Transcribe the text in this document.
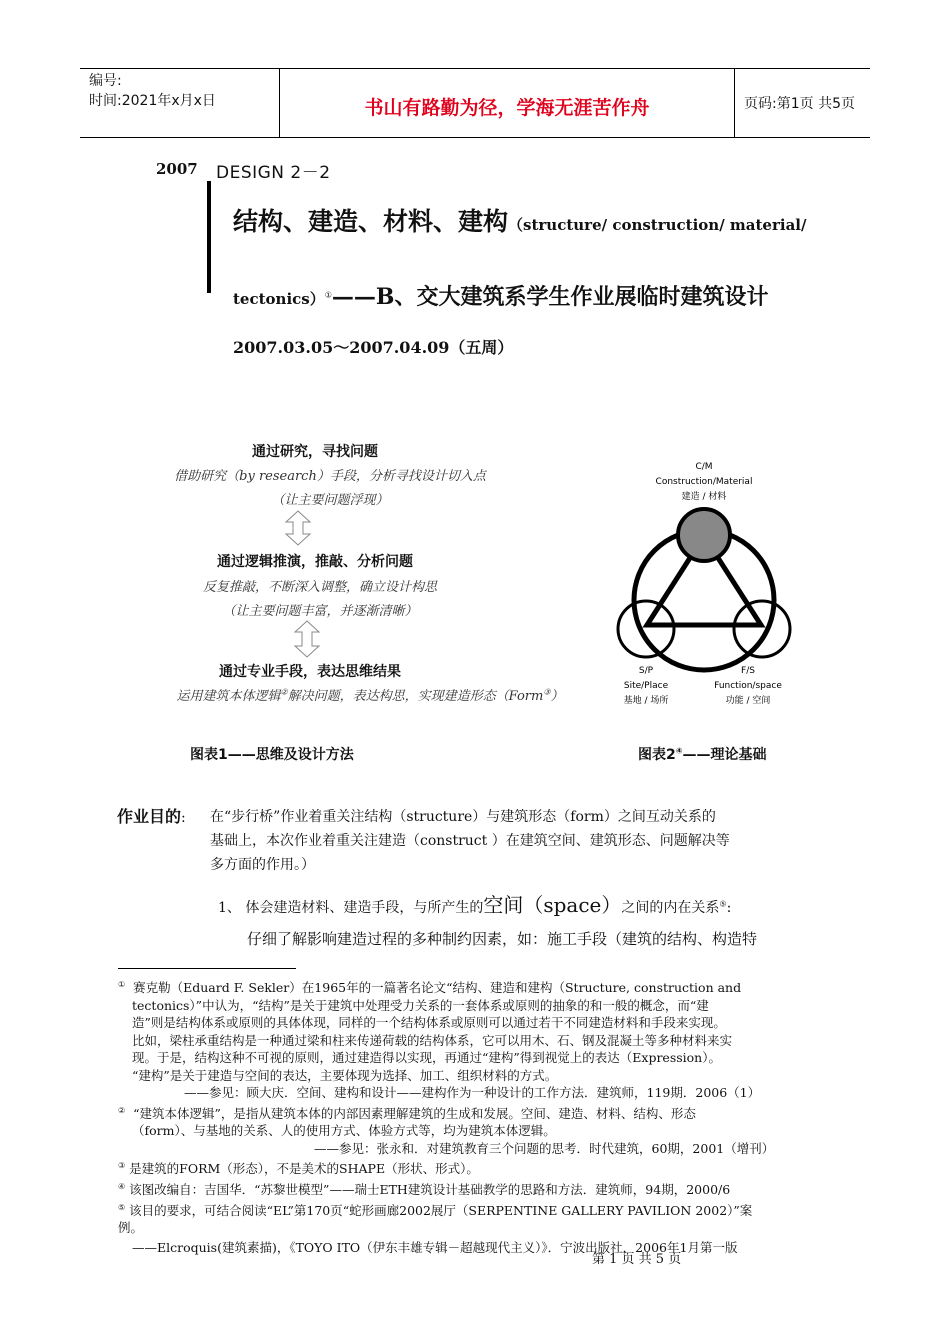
编号:
时间:2021年x月x日	书山有路勤为径，学海无涯苦作舟	页码:第1页 共5页
2007 DESIGN 2－2
结构、建造、材料、建构（structure/ construction/ material/
tectonics）①——B、交大建筑系学生作业展临时建筑设计
2007.03.05～2007.04.09（五周）
通过研究，寻找问题
借助研究（by research）手段，分析寻找设计切入点
（让主要问题浮现）
通过逻辑推演，推敲、分析问题
反复推敲，不断深入调整，确立设计构思
（让主要问题丰富，并逐渐清晰）
通过专业手段，表达思维结果
运用建筑本体逻辑②解决问题，表达构思，实现建造形态（Form③）
C/M
Construction/Material
建造 / 材料
S/P
Site/Place
基地 / 场所
F/S
Function/space
功能 / 空间
图表1——思维及设计方法	图表2④——理论基础
作业目的: 在“步行桥”作业着重关注结构（structure）与建筑形态（form）之间互动关系的
基础上，本次作业着重关注建造（construct ）在建筑空间、建筑形态、问题解决等
多方面的作用。）
1、 体会建造材料、建造手段，与所产生的空间（space）之间的内在关系⑤:
仔细了解影响建造过程的多种制约因素，如：施工手段（建筑的结构、构造特
① 赛克勒（Eduard F. Sekler）在1965年的一篇著名论文“结构、建造和建构（Structure, construction and
tectonics）”中认为，“结构”是关于建筑中处理受力关系的一套体系或原则的抽象的和一般的概念，而“建
造”则是结构体系或原则的具体体现，同样的一个结构体系或原则可以通过若干不同建造材料和手段来实现。
比如，梁柱承重结构是一种通过梁和柱来传递荷载的结构体系，它可以用木、石、钢及混凝土等多种材料来实
现。于是，结构这种不可视的原则，通过建造得以实现，再通过“建构”得到视觉上的表达（Expression）。
“建构”是关于建造与空间的表达，主要体现为选择、加工、组织材料的方式。
——参见：顾大庆．空间、建构和设计——建构作为一种设计的工作方法．建筑师，119期．2006（1）
② “建筑本体逻辑”，是指从建筑本体的内部因素理解建筑的生成和发展。空间、建造、材料、结构、形态
（form）、与基地的关系、人的使用方式、体验方式等，均为建筑本体逻辑。
——参见：张永和．对建筑教育三个问题的思考．时代建筑，60期，2001（增刊）
③ 是建筑的FORM（形态），不是美术的SHAPE（形状、形式）。
④ 该图改编自：吉国华．“苏黎世模型”——瑞士ETH建筑设计基础教学的思路和方法．建筑师，94期，2000/6
⑤ 该目的要求，可结合阅读“EL”第170页“蛇形画廊2002展厅（SERPENTINE GALLERY PAVILION 2002）”案
例。
——Elcroquis(建筑素描)，《TOYO ITO（伊东丰雄专辑－超越现代主义）》．宁波出版社，2006年1月第一版
第 1 页 共 5 页
